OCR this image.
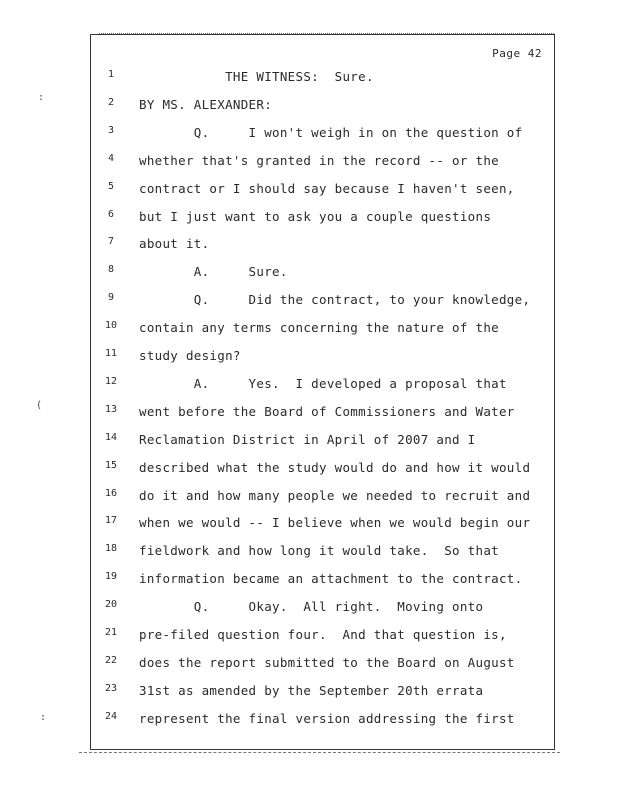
Page 42
1	THE WITNESS:  Sure.
2	BY MS. ALEXANDER:
3	Q.     I won't weigh in on the question of
4	whether that's granted in the record -- or the
5	contract or I should say because I haven't seen,
6	but I just want to ask you a couple questions
7	about it.
8	A.     Sure.
9	Q.     Did the contract, to your knowledge,
10 contain any terms concerning the nature of the
11 study design?
12 A.     Yes.  I developed a proposal that
13 went before the Board of Commissioners and Water
14 Reclamation District in April of 2007 and I
15 described what the study would do and how it would
16 do it and how many people we needed to recruit and
17 when we would -- I believe when we would begin our
18 fieldwork and how long it would take.  So that
19 information became an attachment to the contract.
20 Q.     Okay.  All right.  Moving onto
21 pre-filed question four.  And that question is,
22 does the report submitted to the Board on August
23 31st as amended by the September 20th errata
24 represent the final version addressing the first
:
(
:
